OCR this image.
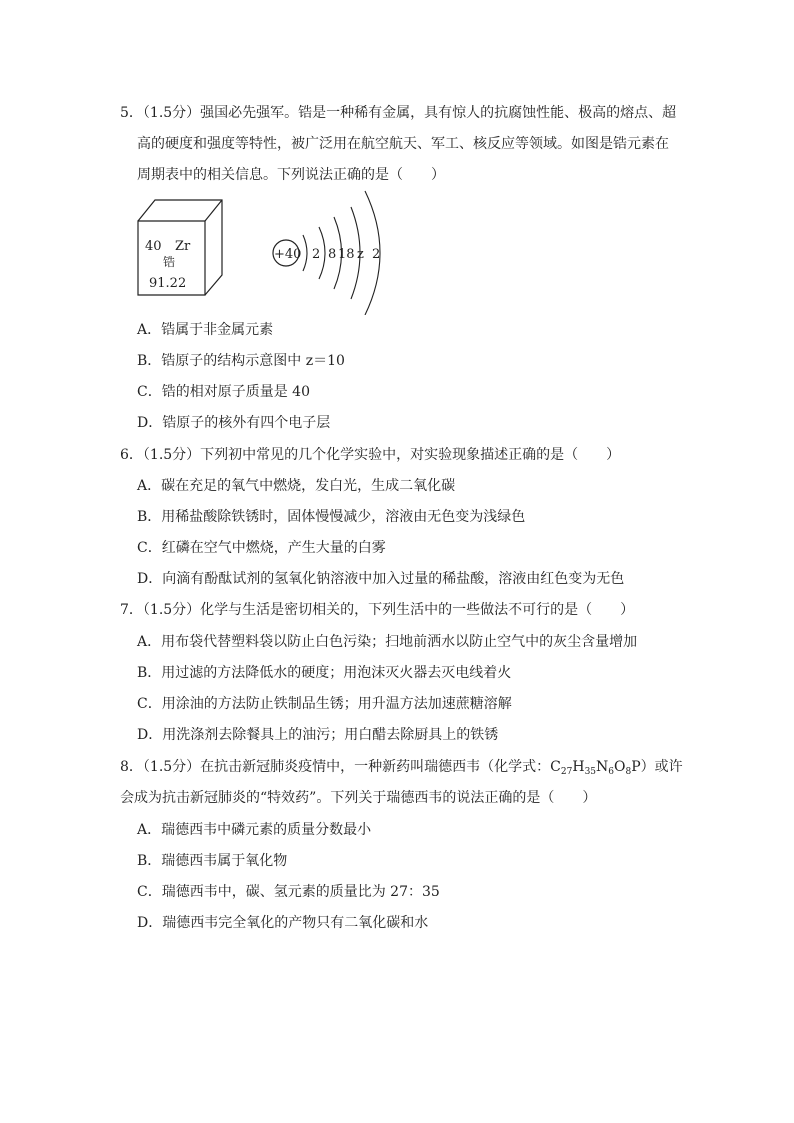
5．（1.5分）强国必先强军。锆是一种稀有金属，具有惊人的抗腐蚀性能、极高的熔点、超
高的硬度和强度等特性，被广泛用在航空航天、军工、核反应等领域。如图是锆元素在
周期表中的相关信息。下列说法正确的是（　　）
40 Zr
锆
91.22
+40 2 8 18 z 2
A．锆属于非金属元素
B．锆原子的结构示意图中 z＝10
C．锆的相对原子质量是 40
D．锆原子的核外有四个电子层
6．（1.5分）下列初中常见的几个化学实验中，对实验现象描述正确的是（　　）
A．碳在充足的氧气中燃烧，发白光，生成二氧化碳
B．用稀盐酸除铁锈时，固体慢慢减少，溶液由无色变为浅绿色
C．红磷在空气中燃烧，产生大量的白雾
D．向滴有酚酞试剂的氢氧化钠溶液中加入过量的稀盐酸，溶液由红色变为无色
7．（1.5分）化学与生活是密切相关的，下列生活中的一些做法不可行的是（　　）
A．用布袋代替塑料袋以防止白色污染；扫地前洒水以防止空气中的灰尘含量增加
B．用过滤的方法降低水的硬度；用泡沫灭火器去灭电线着火
C．用涂油的方法防止铁制品生锈；用升温方法加速蔗糖溶解
D．用洗涤剂去除餐具上的油污；用白醋去除厨具上的铁锈
8．（1.5分）在抗击新冠肺炎疫情中，一种新药叫瑞德西韦（化学式：$C_{27}H_{35}N_6O_8P$）或许
会成为抗击新冠肺炎的“特效药”。下列关于瑞德西韦的说法正确的是（　　）
A．瑞德西韦中磷元素的质量分数最小
B．瑞德西韦属于氧化物
C．瑞德西韦中，碳、氢元素的质量比为 27：35
D．瑞德西韦完全氧化的产物只有二氧化碳和水
